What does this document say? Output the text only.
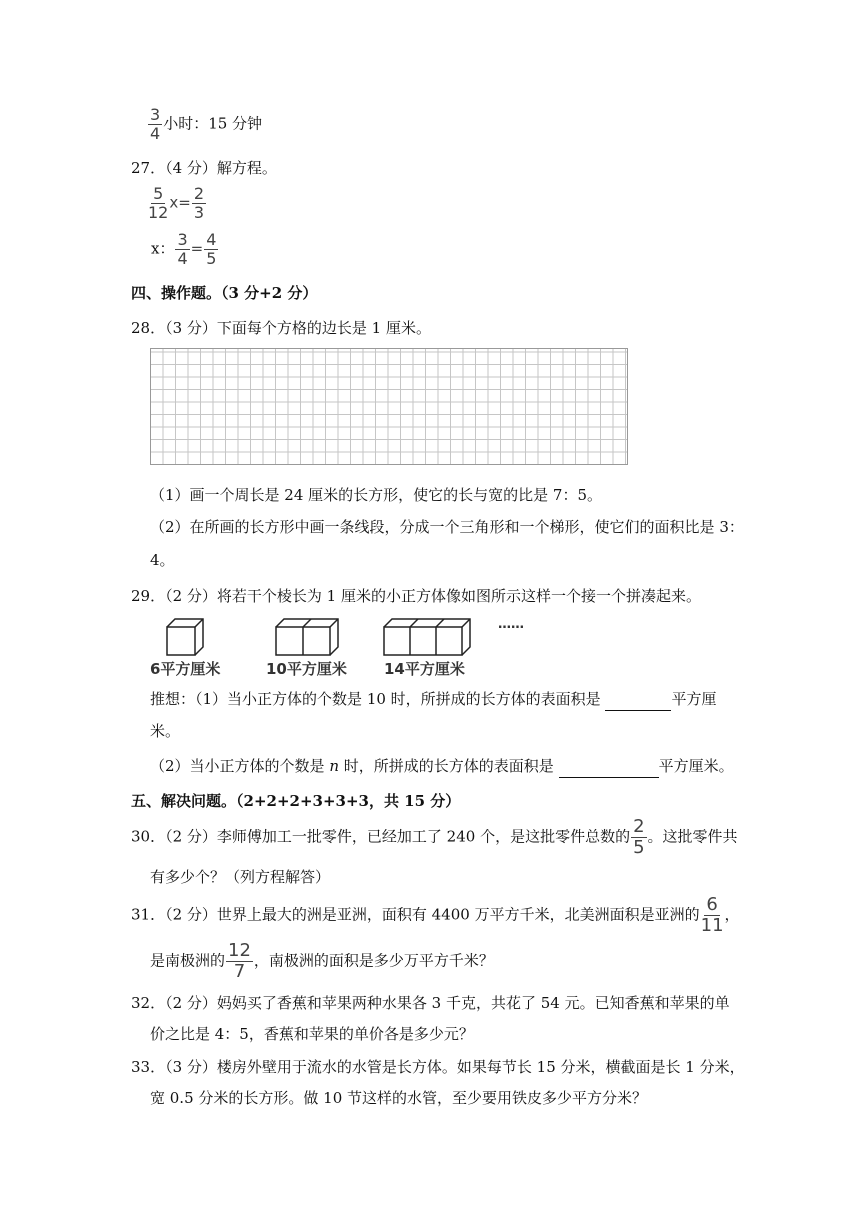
$\frac{3}{4}$ 小时：15 分钟
27．（4 分）解方程。
$\frac{5}{12} x= \frac{2}{3}$
x： $\frac{3}{4} = \frac{4}{5}$
四、操作题。（3 分+2 分）
28．（3 分）下面每个方格的边长是 1 厘米。
（1）画一个周长是 24 厘米的长方形，使它的长与宽的比是 7：5。
（2）在所画的长方形中画一条线段，分成一个三角形和一个梯形，使它们的面积比是 3：
4。
29．（2 分）将若干个棱长为 1 厘米的小正方体像如图所示这样一个接一个拼凑起来。
……
6平方厘米	10平方厘米 14平方厘米
推想：（1）当小正方体的个数是 10 时，所拼成的长方体的表面积是	平方厘
米。
（2）当小正方体的个数是 n 时，所拼成的长方体的表面积是	平方厘米。
五、解决问题。（2+2+2+3+3+3，共 15 分）
30．（2 分）李师傅加工一批零件，已经加工了 240 个，是这批零件总数的 $\frac{2}{5}$ 。这批零件共
有多少个？（列方程解答）
31．（2 分）世界上最大的洲是亚洲，面积有 4400 万平方千米，北美洲面积是亚洲的 $\frac{6}{11}$ ，
是南极洲的 $\frac{12}{7}$ ，南极洲的面积是多少万平方千米？
32．（2 分）妈妈买了香蕉和苹果两种水果各 3 千克，共花了 54 元。已知香蕉和苹果的单
价之比是 4：5，香蕉和苹果的单价各是多少元？
33．（3 分）楼房外壁用于流水的水管是长方体。如果每节长 15 分米，横截面是长 1 分米，
宽 0.5 分米的长方形。做 10 节这样的水管，至少要用铁皮多少平方分米？
